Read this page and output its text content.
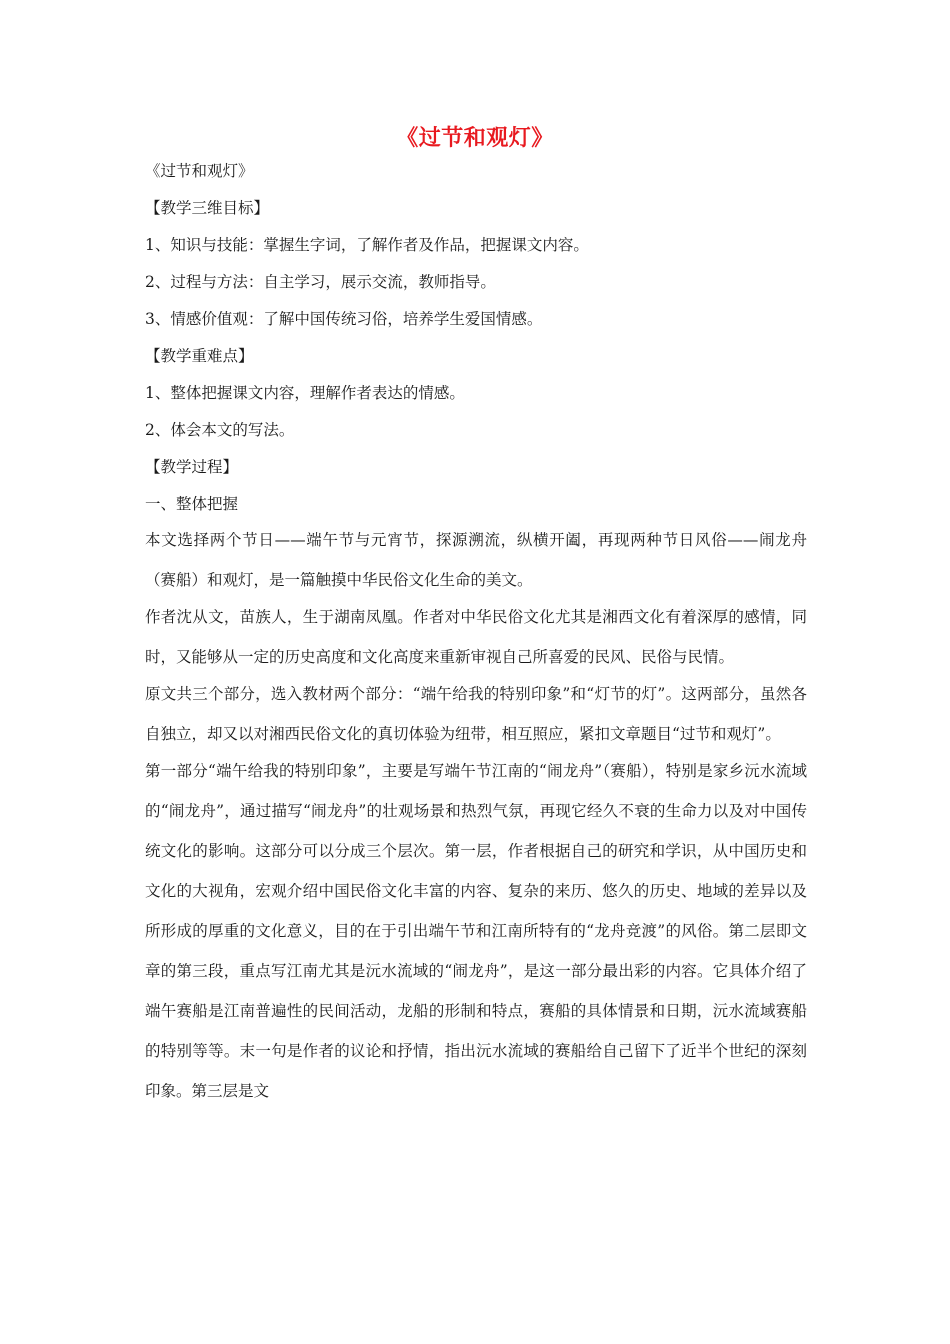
《过节和观灯》
《过节和观灯》
【教学三维目标】
1、知识与技能：掌握生字词，了解作者及作品，把握课文内容。
2、过程与方法：自主学习，展示交流，教师指导。
3、情感价值观：了解中国传统习俗，培养学生爱国情感。
【教学重难点】
1、整体把握课文内容，理解作者表达的情感。
2、体会本文的写法。
【教学过程】
一、整体把握
本文选择两个节日——端午节与元宵节，探源溯流，纵横开阖，再现两种节日风俗——闹龙舟（赛船）和观灯，是一篇触摸中华民俗文化生命的美文。
作者沈从文，苗族人，生于湖南凤凰。作者对中华民俗文化尤其是湘西文化有着深厚的感情，同时，又能够从一定的历史高度和文化高度来重新审视自己所喜爱的民风、民俗与民情。
原文共三个部分，选入教材两个部分：“端午给我的特别印象”和“灯节的灯”。这两部分，虽然各自独立，却又以对湘西民俗文化的真切体验为纽带，相互照应，紧扣文章题目“过节和观灯”。
第一部分“端午给我的特别印象”，主要是写端午节江南的“闹龙舟”（赛船），特别是家乡沅水流域的“闹龙舟”，通过描写“闹龙舟”的壮观场景和热烈气氛，再现它经久不衰的生命力以及对中国传统文化的影响。这部分可以分成三个层次。第一层，作者根据自己的研究和学识，从中国历史和文化的大视角，宏观介绍中国民俗文化丰富的内容、复杂的来历、悠久的历史、地域的差异以及所形成的厚重的文化意义，目的在于引出端午节和江南所特有的“龙舟竞渡”的风俗。第二层即文章的第三段，重点写江南尤其是沅水流域的“闹龙舟”，是这一部分最出彩的内容。它具体介绍了端午赛船是江南普遍性的民间活动，龙船的形制和特点，赛船的具体情景和日期，沅水流域赛船的特别等等。末一句是作者的议论和抒情，指出沅水流域的赛船给自己留下了近半个世纪的深刻印象。第三层是文
